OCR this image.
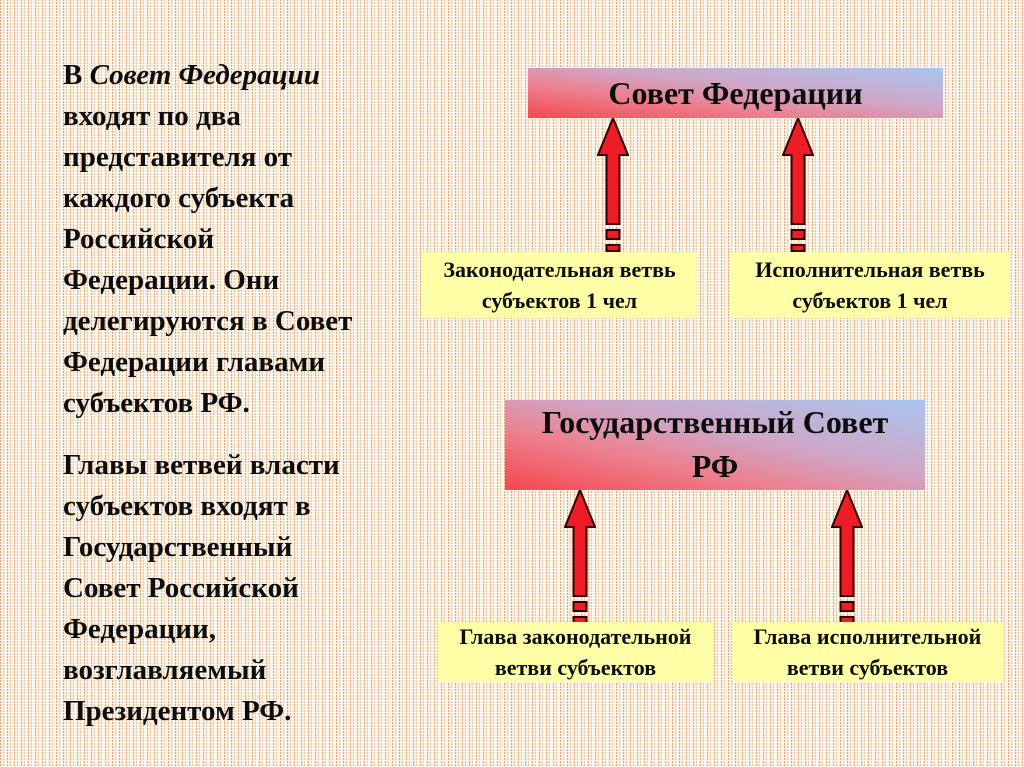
В Совет Федерации
входят по два
представителя от
каждого субъекта
Российской
Федерации. Они
делегируются в Совет
Федерации главами
субъектов РФ.

Главы ветвей власти
субъектов входят в
Государственный
Совет Российской
Федерации,
возглавляемый
Президентом РФ.

Совет Федерации
Государственный Совет
РФ
Законодательная ветвь
субъектов 1 чел
Исполнительная ветвь
субъектов 1 чел
Глава законодательной
ветви субъектов
Глава исполнительной
ветви субъектов
